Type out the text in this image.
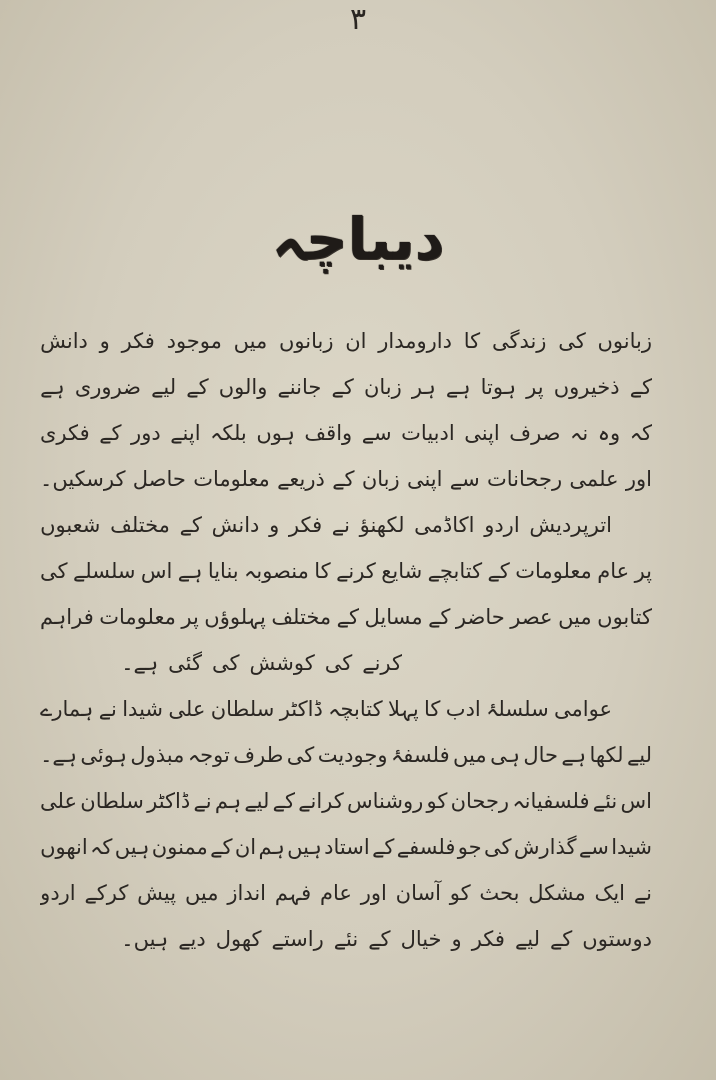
۳
دیباچہ
زبانوں
کی
زندگی
کا
دارومدار
ان
زبانوں
میں
موجود
فکر
و
دانش
کے
ذخیروں
پر
ہوتا
ہے
ہر
زبان
کے
جاننے
والوں
کے
لیے
ضروری
ہے
کہ
وہ
نہ
صرف
اپنی
ادبیات
سے
واقف
ہوں
بلکہ
اپنے
دور
کے
فکری
اور
علمی
رجحانات
سے
اپنی
زبان
کے
ذریعے
معلومات
حاصل
کرسکیں۔
اترپردیش
اردو
اکاڈمی
لکھنؤ
نے
فکر
و
دانش
کے
مختلف
شعبوں
پر
عام
معلومات
کے
کتابچے
شایع
کرنے
کا
منصوبہ
بنایا
ہے
اس
سلسلے
کی
کتابوں
میں
عصر
حاضر
کے
مسایل
کے
مختلف
پہلوؤں
پر
معلومات
فراہم
کرنے
کی
کوشش
کی
گئی
ہے۔
عوامی
سلسلۂ
ادب
کا
پہلا
کتابچہ
ڈاکٹر
سلطان
علی
شیدا
نے
ہمارے
لیے
لکھا
ہے
حال
ہی
میں
فلسفۂ
وجودیت
کی
طرف
توجہ
مبذول
ہوئی
ہے۔
اس
نئے
فلسفیانہ
رجحان
کو
روشناس
کرانے
کے
لیے
ہم
نے
ڈاکٹر
سلطان
علی
شیدا
سے
گذارش
کی
جو
فلسفے
کے
استاد
ہیں
ہم
ان
کے
ممنون
ہیں
کہ
انھوں
نے
ایک
مشکل
بحث
کو
آسان
اور
عام
فہم
انداز
میں
پیش
کرکے
اردو
دوستوں
کے
لیے
فکر
و
خیال
کے
نئے
راستے
کھول
دیے
ہیں۔
